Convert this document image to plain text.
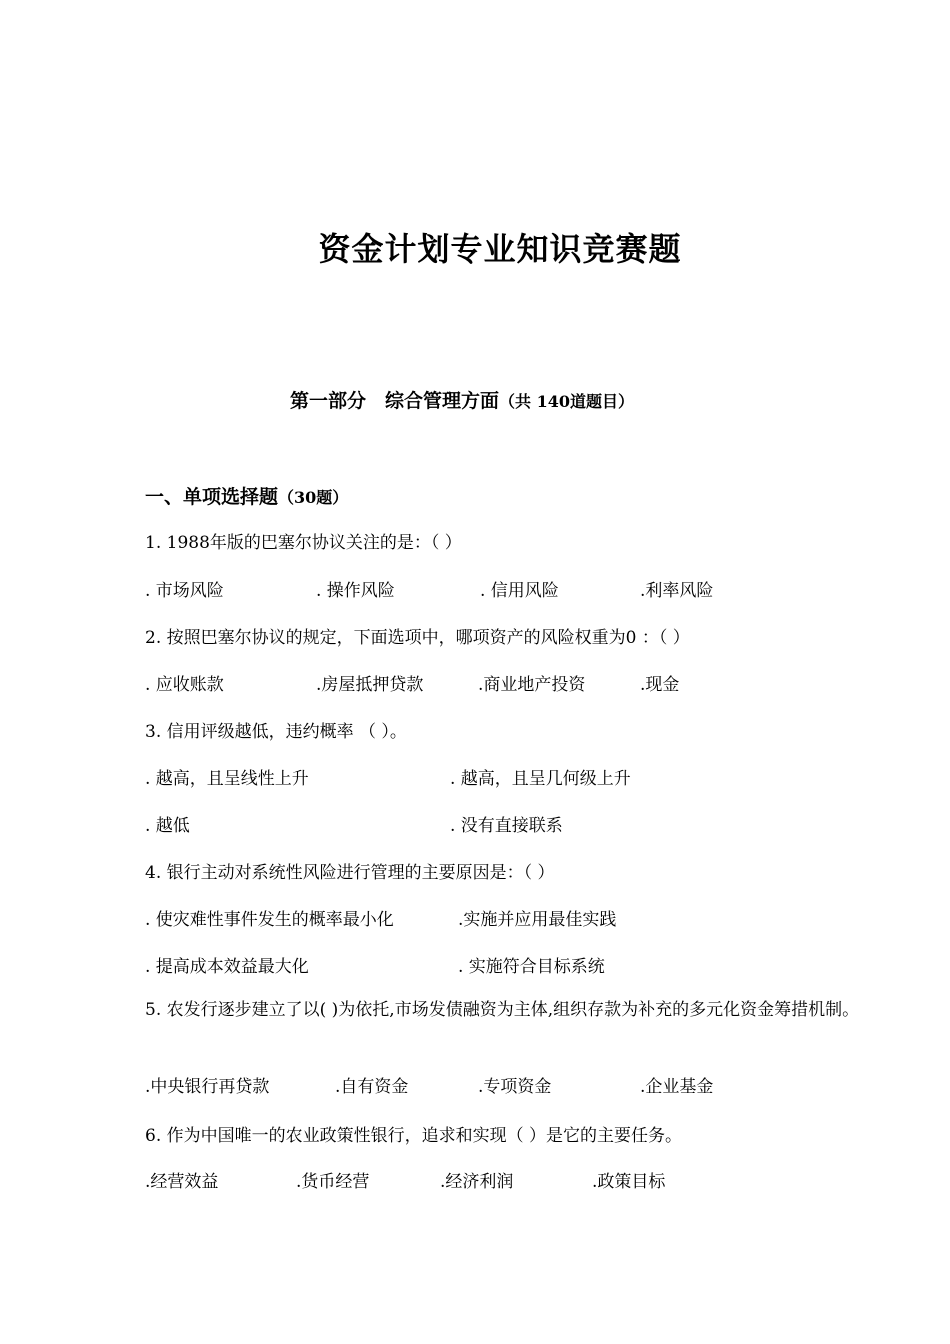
资金计划专业知识竞赛题
第一部分　综合管理方面（共 140道题目）
一、单项选择题（30题）
1. 1988年版的巴塞尔协议关注的是：（ ）
. 市场风险	. 操作风险	. 信用风险	.利率风险
2. 按照巴塞尔协议的规定，下面选项中，哪项资产的风险权重为0 ：（ ）
. 应收账款	.房屋抵押贷款	.商业地产投资	.现金
3. 信用评级越低，违约概率 （ ）。
. 越高，且呈线性上升	. 越高，且呈几何级上升
. 越低	. 没有直接联系
4. 银行主动对系统性风险进行管理的主要原因是：（ ）
. 使灾难性事件发生的概率最小化	.实施并应用最佳实践
. 提高成本效益最大化	. 实施符合目标系统
5. 农发行逐步建立了以( )为依托,市场发债融资为主体,组织存款为补充的多元化资金筹措机制。
.中央银行再贷款	.自有资金	.专项资金	.企业基金
6. 作为中国唯一的农业政策性银行，追求和实现（ ）是它的主要任务。
.经营效益	.货币经营	.经济利润	.政策目标
